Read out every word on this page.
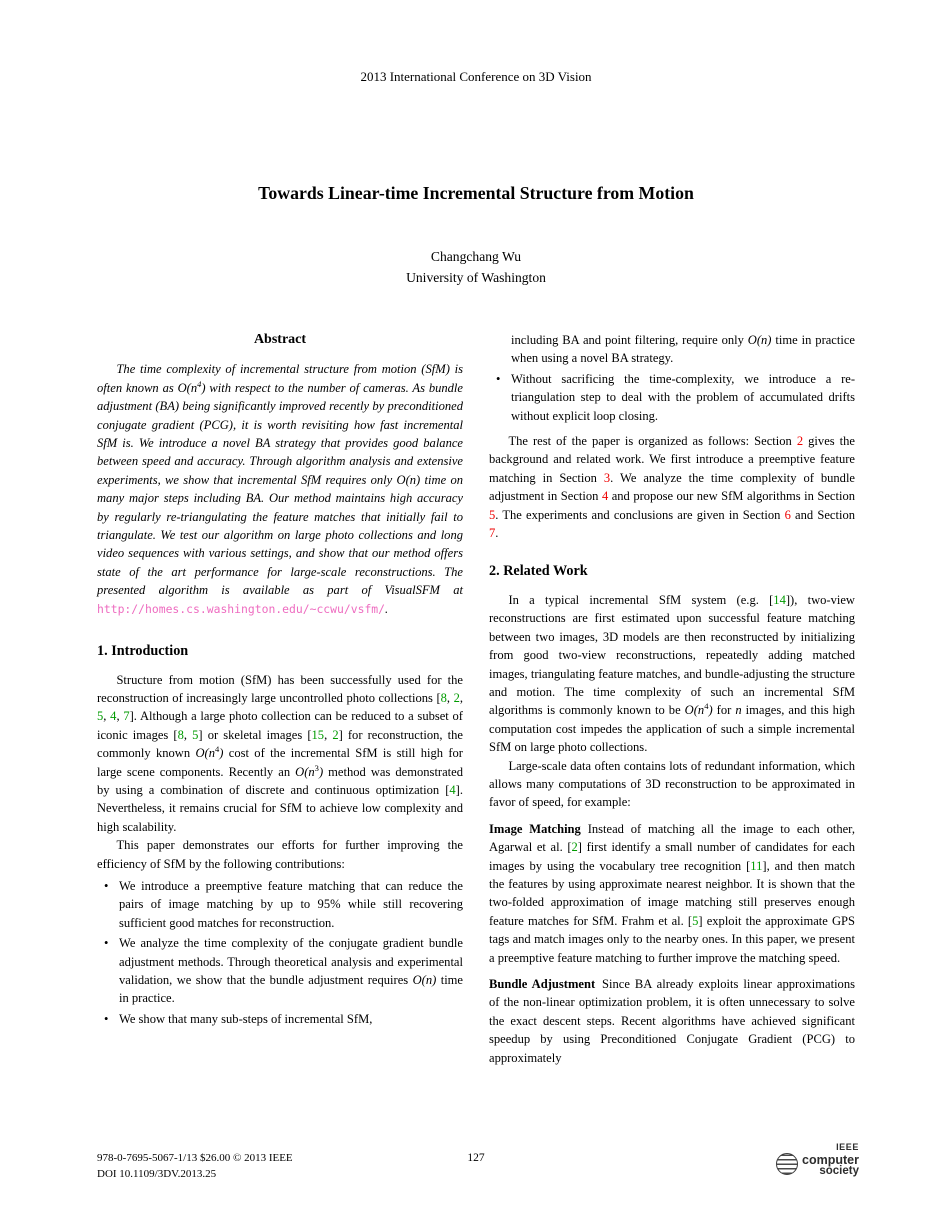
2013 International Conference on 3D Vision
Towards Linear-time Incremental Structure from Motion
Changchang Wu
University of Washington
Abstract
The time complexity of incremental structure from motion (SfM) is often known as $O(n^4)$ with respect to the number of cameras. As bundle adjustment (BA) being significantly improved recently by preconditioned conjugate gradient (PCG), it is worth revisiting how fast incremental SfM is. We introduce a novel BA strategy that provides good balance between speed and accuracy. Through algorithm analysis and extensive experiments, we show that incremental SfM requires only O(n) time on many major steps including BA. Our method maintains high accuracy by regularly re-triangulating the feature matches that initially fail to triangulate. We test our algorithm on large photo collections and long video sequences with various settings, and show that our method offers state of the art performance for large-scale reconstructions. The presented algorithm is available as part of VisualSFM at http://homes.cs.washington.edu/~ccwu/vsfm/.
1. Introduction
Structure from motion (SfM) has been successfully used for the reconstruction of increasingly large uncontrolled photo collections [8, 2, 5, 4, 7]. Although a large photo collection can be reduced to a subset of iconic images [8, 5] or skeletal images [15, 2] for reconstruction, the commonly known $O(n^4)$ cost of the incremental SfM is still high for large scene components. Recently an $O(n^3)$ method was demonstrated by using a combination of discrete and continuous optimization [4]. Nevertheless, it remains crucial for SfM to achieve low complexity and high scalability.
This paper demonstrates our efforts for further improving the efficiency of SfM by the following contributions:
• We introduce a preemptive feature matching that can reduce the pairs of image matching by up to 95% while still recovering sufficient good matches for reconstruction.
• We analyze the time complexity of the conjugate gradient bundle adjustment methods. Through theoretical analysis and experimental validation, we show that the bundle adjustment requires O(n) time in practice.
• We show that many sub-steps of incremental SfM,
including BA and point filtering, require only O(n) time in practice when using a novel BA strategy.
• Without sacrificing the time-complexity, we introduce a re-triangulation step to deal with the problem of accumulated drifts without explicit loop closing.
The rest of the paper is organized as follows: Section 2 gives the background and related work. We first introduce a preemptive feature matching in Section 3. We analyze the time complexity of bundle adjustment in Section 4 and propose our new SfM algorithms in Section 5. The experiments and conclusions are given in Section 6 and Section 7.
2. Related Work
In a typical incremental SfM system (e.g. [14]), two-view reconstructions are first estimated upon successful feature matching between two images, 3D models are then reconstructed by initializing from good two-view reconstructions, repeatedly adding matched images, triangulating feature matches, and bundle-adjusting the structure and motion. The time complexity of such an incremental SfM algorithms is commonly known to be $O(n^4)$ for n images, and this high computation cost impedes the application of such a simple incremental SfM on large photo collections.
Large-scale data often contains lots of redundant information, which allows many computations of 3D reconstruction to be approximated in favor of speed, for example:
Image Matching Instead of matching all the image to each other, Agarwal et al. [2] first identify a small number of candidates for each images by using the vocabulary tree recognition [11], and then match the features by using approximate nearest neighbor. It is shown that the two-folded approximation of image matching still preserves enough feature matches for SfM. Frahm et al. [5] exploit the approximate GPS tags and match images only to the nearby ones. In this paper, we present a preemptive feature matching to further improve the matching speed.
Bundle Adjustment Since BA already exploits linear approximations of the non-linear optimization problem, it is often unnecessary to solve the exact descent steps. Recent algorithms have achieved significant speedup by using Preconditioned Conjugate Gradient (PCG) to approximately
978-0-7695-5067-1/13 $26.00 © 2013 IEEE
DOI 10.1109/3DV.2013.25
127
IEEE
computer
society
